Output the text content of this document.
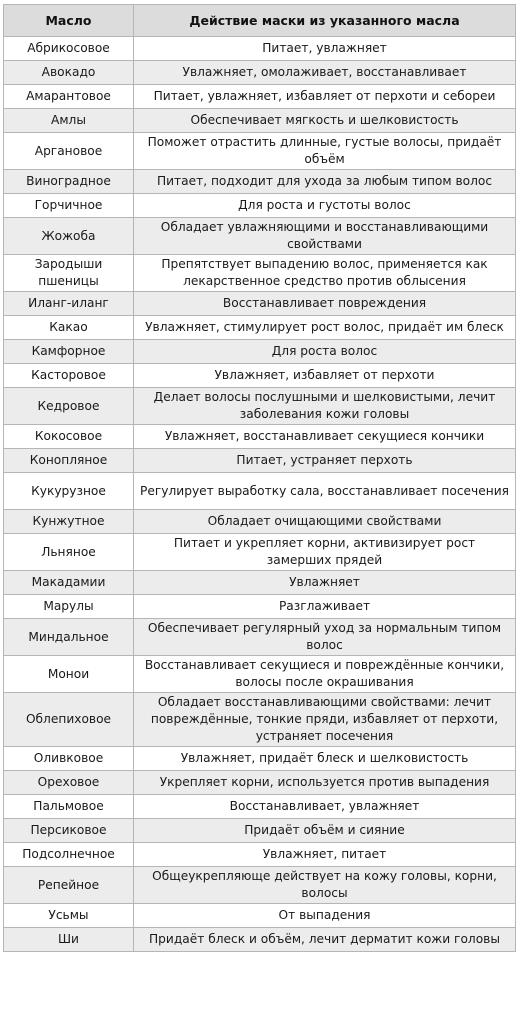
Масло	Действие маски из указанного масла
Абрикосовое	Питает, увлажняет
Авокадо	Увлажняет, омолаживает, восстанавливает
Амарантовое	Питает, увлажняет, избавляет от перхоти и себореи
Амлы	Обеспечивает мягкость и шелковистость
Аргановое	Поможет отрастить длинные, густые волосы, придаёт объём
Виноградное	Питает, подходит для ухода за любым типом волос
Горчичное	Для роста и густоты волос
Жожоба	Обладает увлажняющими и восстанавливающими свойствами
Зародыши пшеницы	Препятствует выпадению волос, применяется как лекарственное средство против облысения
Иланг-иланг	Восстанавливает повреждения
Какао	Увлажняет, стимулирует рост волос, придаёт им блеск
Камфорное	Для роста волос
Касторовое	Увлажняет, избавляет от перхоти
Кедровое	Делает волосы послушными и шелковистыми, лечит заболевания кожи головы
Кокосовое	Увлажняет, восстанавливает секущиеся кончики
Конопляное	Питает, устраняет перхоть
Кукурузное	Регулирует выработку сала, восстанавливает посечения
Кунжутное	Обладает очищающими свойствами
Льняное	Питает и укрепляет корни, активизирует рост замерших прядей
Макадамии	Увлажняет
Марулы	Разглаживает
Миндальное	Обеспечивает регулярный уход за нормальным типом волос
Монои	Восстанавливает секущиеся и повреждённые кончики, волосы после окрашивания
Облепиховое	Обладает восстанавливающими свойствами: лечит повреждённые, тонкие пряди, избавляет от перхоти, устраняет посечения
Оливковое	Увлажняет, придаёт блеск и шелковистость
Ореховое	Укрепляет корни, используется против выпадения
Пальмовое	Восстанавливает, увлажняет
Персиковое	Придаёт объём и сияние
Подсолнечное	Увлажняет, питает
Репейное	Общеукрепляюще действует на кожу головы, корни, волосы
Усьмы	От выпадения
Ши	Придаёт блеск и объём, лечит дерматит кожи головы
